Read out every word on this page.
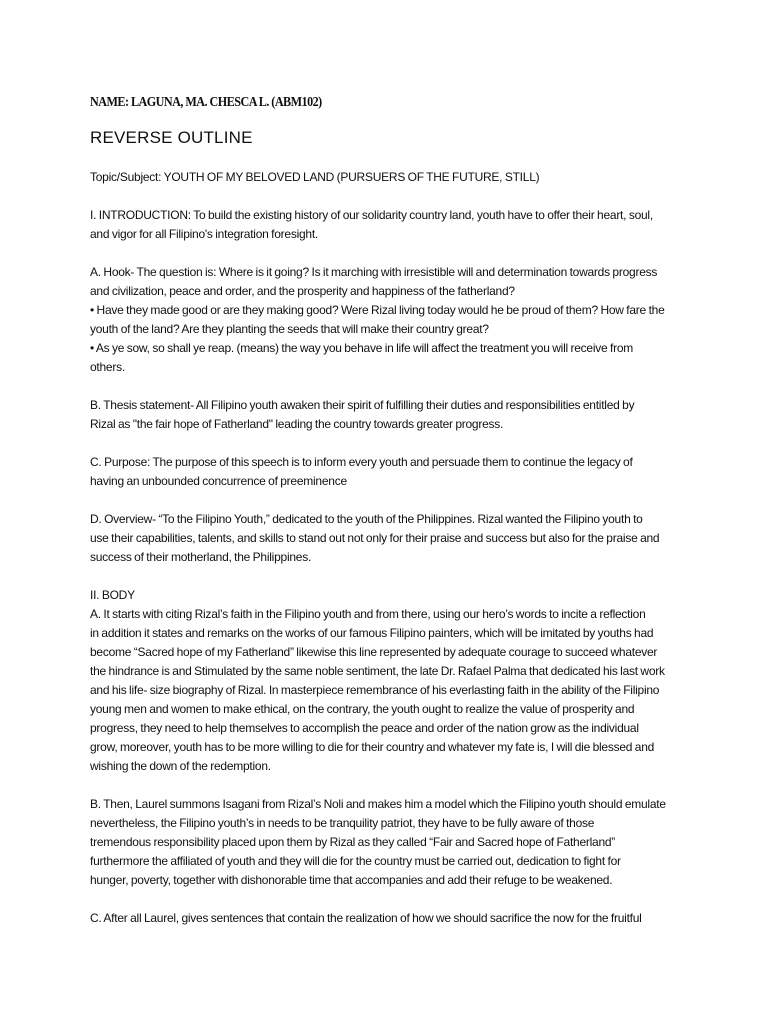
NAME: LAGUNA, MA. CHESCA L. (ABM102)
REVERSE OUTLINE
Topic/Subject: YOUTH OF MY BELOVED LAND (PURSUERS OF THE FUTURE, STILL)
I. INTRODUCTION: To build the existing history of our solidarity country land, youth have to offer their heart, soul,
and vigor for all Filipino's integration foresight.
A. Hook- The question is: Where is it going? Is it marching with irresistible will and determination towards progress
and civilization, peace and order, and the prosperity and happiness of the fatherland?
• Have they made good or are they making good? Were Rizal living today would he be proud of them? How fare the
youth of the land? Are they planting the seeds that will make their country great?
• As ye sow, so shall ye reap. (means) the way you behave in life will affect the treatment you will receive from
others.
B. Thesis statement- All Filipino youth awaken their spirit of fulfilling their duties and responsibilities entitled by
Rizal as "the fair hope of Fatherland" leading the country towards greater progress.
C. Purpose: The purpose of this speech is to inform every youth and persuade them to continue the legacy of
having an unbounded concurrence of preeminence
D. Overview- “To the Filipino Youth,” dedicated to the youth of the Philippines. Rizal wanted the Filipino youth to
use their capabilities, talents, and skills to stand out not only for their praise and success but also for the praise and
success of their motherland, the Philippines.
II. BODY
A. It starts with citing Rizal’s faith in the Filipino youth and from there, using our hero’s words to incite a reflection
in addition it states and remarks on the works of our famous Filipino painters, which will be imitated by youths had
become “Sacred hope of my Fatherland” likewise this line represented by adequate courage to succeed whatever
the hindrance is and Stimulated by the same noble sentiment, the late Dr. Rafael Palma that dedicated his last work
and his life- size biography of Rizal. In masterpiece remembrance of his everlasting faith in the ability of the Filipino
young men and women to make ethical, on the contrary, the youth ought to realize the value of prosperity and
progress, they need to help themselves to accomplish the peace and order of the nation grow as the individual
grow, moreover, youth has to be more willing to die for their country and whatever my fate is, I will die blessed and
wishing the down of the redemption.
B. Then, Laurel summons Isagani from Rizal’s Noli and makes him a model which the Filipino youth should emulate
nevertheless, the Filipino youth’s in needs to be tranquility patriot, they have to be fully aware of those
tremendous responsibility placed upon them by Rizal as they called “Fair and Sacred hope of Fatherland”
furthermore the affiliated of youth and they will die for the country must be carried out, dedication to fight for
hunger, poverty, together with dishonorable time that accompanies and add their refuge to be weakened.
C. After all Laurel, gives sentences that contain the realization of how we should sacrifice the now for the fruitful
